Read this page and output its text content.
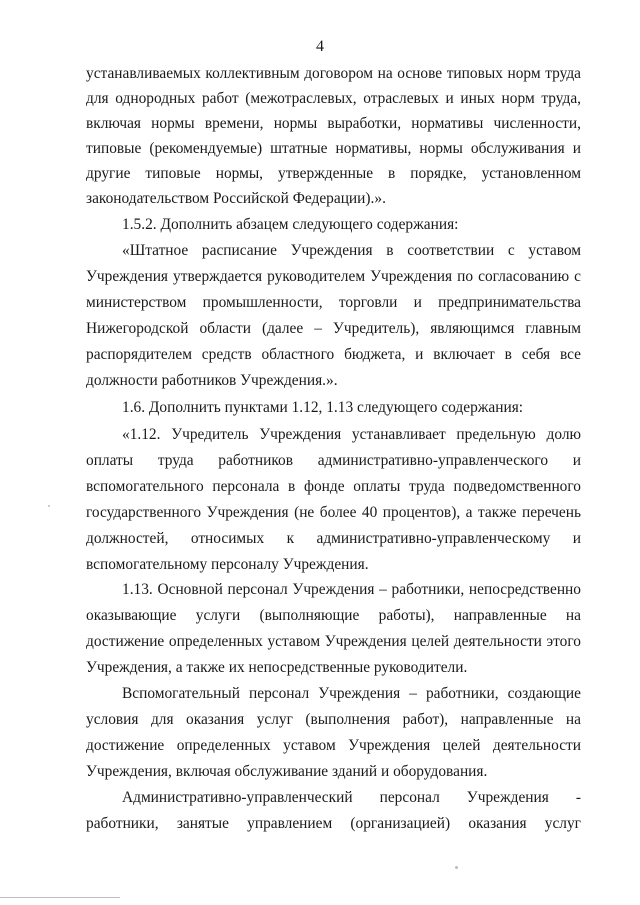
4
устанавливаемых коллективным договором на основе типовых норм труда
для однородных работ (межотраслевых, отраслевых и иных норм труда,
включая нормы времени, нормы выработки, нормативы численности,
типовые (рекомендуемые) штатные нормативы, нормы обслуживания и
другие типовые нормы, утвержденные в порядке, установленном
законодательством Российской Федерации).».
1.5.2. Дополнить абзацем следующего содержания:
«Штатное расписание Учреждения в соответствии с уставом
Учреждения утверждается руководителем Учреждения по согласованию с
министерством промышленности, торговли и предпринимательства
Нижегородской области (далее – Учредитель), являющимся главным
распорядителем средств областного бюджета, и включает в себя все
должности работников Учреждения.».
1.6. Дополнить пунктами 1.12, 1.13 следующего содержания:
«1.12. Учредитель Учреждения устанавливает предельную долю
оплаты труда работников административно-управленческого и
вспомогательного персонала в фонде оплаты труда подведомственного
государственного Учреждения (не более 40 процентов), а также перечень
должностей, относимых к административно-управленческому и
вспомогательному персоналу Учреждения.
1.13. Основной персонал Учреждения – работники, непосредственно
оказывающие услуги (выполняющие работы), направленные на
достижение определенных уставом Учреждения целей деятельности этого
Учреждения, а также их непосредственные руководители.
Вспомогательный персонал Учреждения – работники, создающие
условия для оказания услуг (выполнения работ), направленные на
достижение определенных уставом Учреждения целей деятельности
Учреждения, включая обслуживание зданий и оборудования.
Административно-управленческий персонал Учреждения -
работники, занятые управлением (организацией) оказания услуг
